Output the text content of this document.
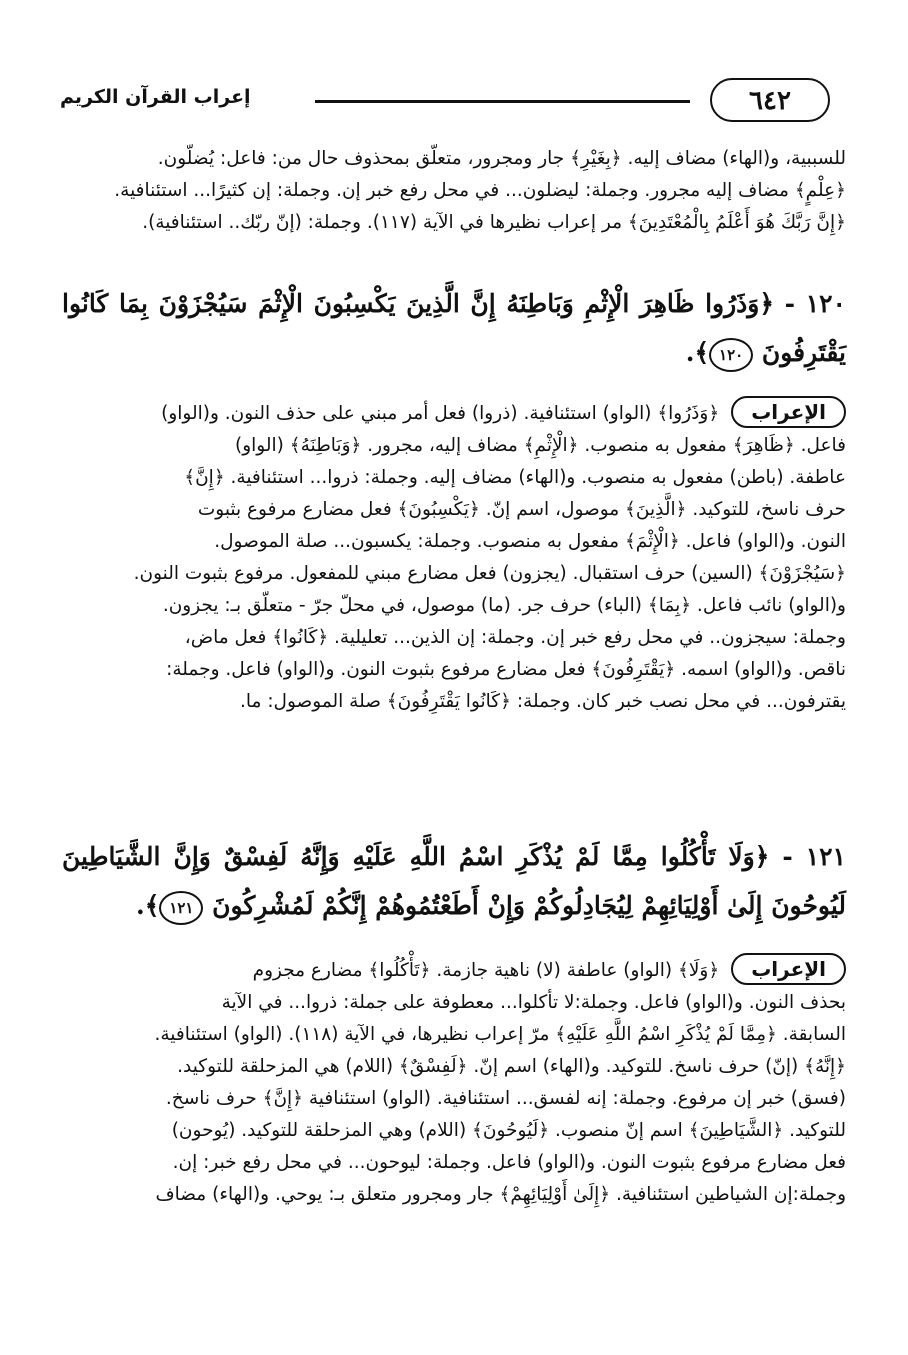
٦٤٢
إعراب القرآن الكريم

للسببية، و(الهاء) مضاف إليه. ﴿بِغَيْرِ﴾ جار ومجرور، متعلّق بمحذوف حال من: فاعل: يُضلّون.

﴿عِلْمٍ﴾ مضاف إليه مجرور. وجملة: ليضلون... في محل رفع خبر إن. وجملة: إن كثيرًا... استئنافية.

﴿إِنَّ رَبَّكَ هُوَ أَعْلَمُ بِالْمُعْتَدِينَ﴾ مر إعراب نظيرها في الآية (١١٧). وجملة: (إنّ ربّك.. استئنافية).

١٢٠ - ﴿وَذَرُوا ظَاهِرَ الْإِثْمِ وَبَاطِنَهُ إِنَّ الَّذِينَ يَكْسِبُونَ الْإِثْمَ سَيُجْزَوْنَ بِمَا كَانُوا يَقْتَرِفُونَ ١٢٠﴾.

الإعراب﴿وَذَرُوا﴾ (الواو) استئنافية. (ذروا) فعل أمر مبني على حذف النون. و(الواو)

فاعل. ﴿ظَاهِرَ﴾ مفعول به منصوب. ﴿الْإِثْمِ﴾ مضاف إليه، مجرور. ﴿وَبَاطِنَهُ﴾ (الواو)

عاطفة. (باطن) مفعول به منصوب. و(الهاء) مضاف إليه. وجملة: ذروا... استئنافية. ﴿إِنَّ﴾

حرف ناسخ، للتوكيد. ﴿الَّذِينَ﴾ موصول، اسم إنّ. ﴿يَكْسِبُونَ﴾ فعل مضارع مرفوع بثبوت

النون. و(الواو) فاعل. ﴿الْإِثْمَ﴾ مفعول به منصوب. وجملة: يكسبون... صلة الموصول.

﴿سَيُجْزَوْنَ﴾ (السين) حرف استقبال. (يجزون) فعل مضارع مبني للمفعول. مرفوع بثبوت النون.

و(الواو) نائب فاعل. ﴿بِمَا﴾ (الباء) حرف جر. (ما) موصول، في محلّ جرّ - متعلّق بـ: يجزون.

وجملة: سيجزون.. في محل رفع خبر إن. وجملة: إن الذين... تعليلية. ﴿كَانُوا﴾ فعل ماض،

ناقص. و(الواو) اسمه. ﴿يَقْتَرِفُونَ﴾ فعل مضارع مرفوع بثبوت النون. و(الواو) فاعل. وجملة:

يقترفون... في محل نصب خبر كان. وجملة: ﴿كَانُوا يَقْتَرِفُونَ﴾ صلة الموصول: ما.

١٢١ - ﴿وَلَا تَأْكُلُوا مِمَّا لَمْ يُذْكَرِ اسْمُ اللَّهِ عَلَيْهِ وَإِنَّهُ لَفِسْقٌ وَإِنَّ الشَّيَاطِينَ لَيُوحُونَ إِلَىٰ أَوْلِيَائِهِمْ لِيُجَادِلُوكُمْ وَإِنْ أَطَعْتُمُوهُمْ إِنَّكُمْ لَمُشْرِكُونَ ١٢١﴾.

الإعراب﴿وَلَا﴾ (الواو) عاطفة (لا) ناهية جازمة. ﴿تَأْكُلُوا﴾ مضارع مجزوم

بحذف النون. و(الواو) فاعل. وجملة:لا تأكلوا... معطوفة على جملة: ذروا... في الآية

السابقة. ﴿مِمَّا لَمْ يُذْكَرِ اسْمُ اللَّهِ عَلَيْهِ﴾ مرّ إعراب نظيرها، في الآية (١١٨). (الواو) استئنافية.

﴿إِنَّهُ﴾ (إنّ) حرف ناسخ. للتوكيد. و(الهاء) اسم إنّ. ﴿لَفِسْقٌ﴾ (اللام) هي المزحلقة للتوكيد.

(فسق) خبر إن مرفوع. وجملة: إنه لفسق... استئنافية. (الواو) استئنافية ﴿إِنَّ﴾ حرف ناسخ.

للتوكيد. ﴿الشَّيَاطِينَ﴾ اسم إنّ منصوب. ﴿لَيُوحُونَ﴾ (اللام) وهي المزحلقة للتوكيد. (يُوحون)

فعل مضارع مرفوع بثبوت النون. و(الواو) فاعل. وجملة: ليوحون... في محل رفع خبر: إن.

وجملة:إن الشياطين استئنافية. ﴿إِلَىٰ أَوْلِيَائِهِمْ﴾ جار ومجرور متعلق بـ: يوحي. و(الهاء) مضاف
